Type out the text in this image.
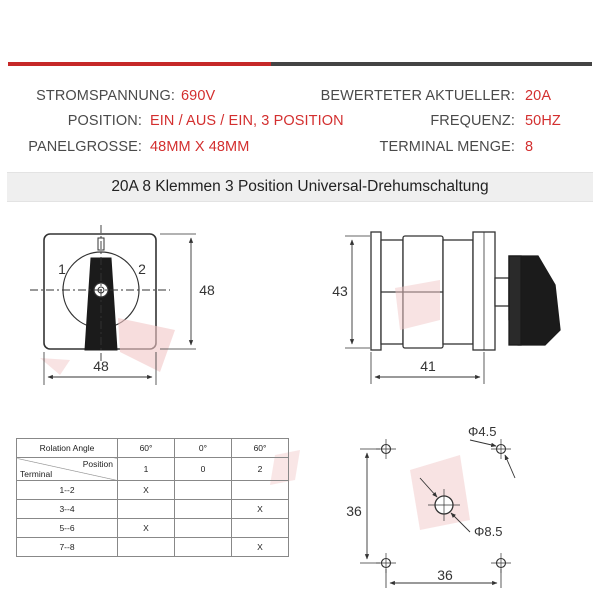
STROMSPANNUNG: 690V	BEWERTETER AKTUELLER: 20A
POSITION: EIN / AUS / EIN, 3 POSITION	FREQUENZ: 50HZ
PANELGROSSE: 48MM X 48MM	TERMINAL MENGE: 8
20A 8 Klemmen 3 Position Universal-Drehumschaltung
1	2
48
48
43
41
Φ4.5
Φ8.5
36
36
Rolation Angle	60°	0°	60°

Position
Terminal	1	0	2
1--2	X		
3--4			X
5--6	X		
7--8			X
